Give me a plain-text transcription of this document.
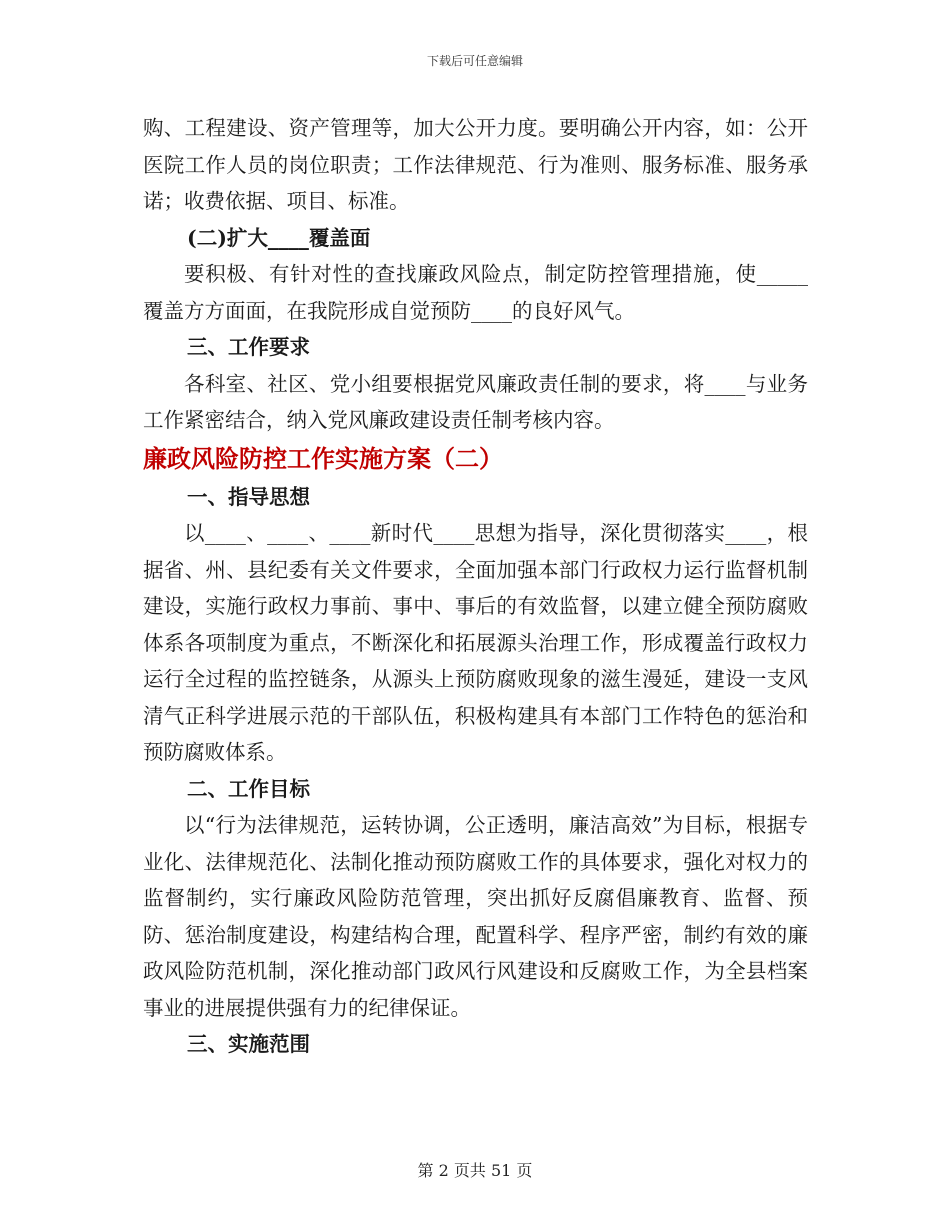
下载后可任意编辑

购、工程建设、资产管理等，加大公开力度。要明确公开内容，如：公开医院工作人员的岗位职责；工作法律规范、行为准则、服务标准、服务承诺；收费依据、项目、标准。

(二)扩大____覆盖面

要积极、有针对性的查找廉政风险点，制定防控管理措施，使_____覆盖方方面面，在我院形成自觉预防____的良好风气。

三、工作要求

各科室、社区、党小组要根据党风廉政责任制的要求，将____与业务工作紧密结合，纳入党风廉政建设责任制考核内容。

廉政风险防控工作实施方案（二）

一、指导思想

以____、____、____新时代____思想为指导，深化贯彻落实____，根据省、州、县纪委有关文件要求，全面加强本部门行政权力运行监督机制建设，实施行政权力事前、事中、事后的有效监督，以建立健全预防腐败体系各项制度为重点，不断深化和拓展源头治理工作，形成覆盖行政权力运行全过程的监控链条，从源头上预防腐败现象的滋生漫延，建设一支风清气正科学进展示范的干部队伍，积极构建具有本部门工作特色的惩治和预防腐败体系。

二、工作目标

以“行为法律规范，运转协调，公正透明，廉洁高效”为目标，根据专业化、法律规范化、法制化推动预防腐败工作的具体要求，强化对权力的监督制约，实行廉政风险防范管理，突出抓好反腐倡廉教育、监督、预防、惩治制度建设，构建结构合理，配置科学、程序严密，制约有效的廉政风险防范机制，深化推动部门政风行风建设和反腐败工作，为全县档案事业的进展提供强有力的纪律保证。

三、实施范围

第 2 页共 51 页
